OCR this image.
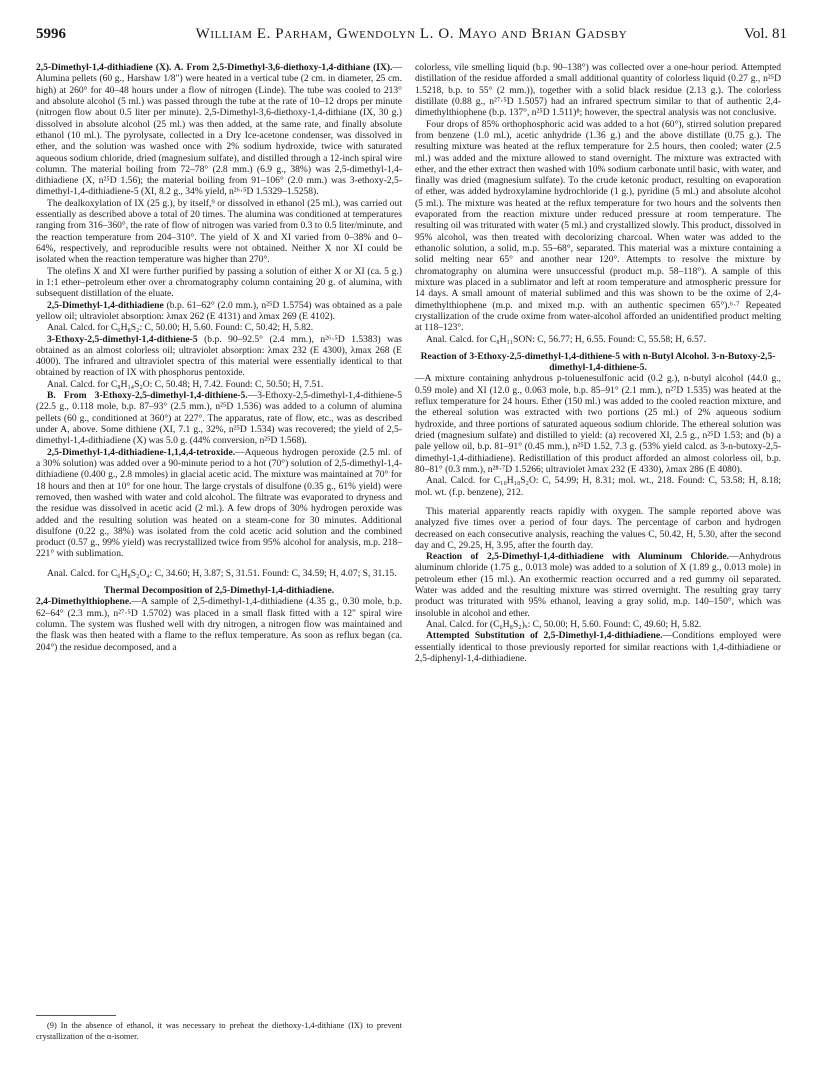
5996	William E. Parham, Gwendolyn L. O. Mayo and Brian Gadsby	Vol. 81

2,5-Dimethyl-1,4-dithiadiene (X). A. From 2,5-Dimethyl-3,6-diethoxy-1,4-dithiane (IX).—Alumina pellets (60 g., Harshaw 1/8") were heated in a vertical tube (2 cm. in diameter, 25 cm. high) at 260° for 40–48 hours under a flow of nitrogen (Linde). The tube was cooled to 213° and absolute alcohol (5 ml.) was passed through the tube at the rate of 10–12 drops per minute (nitrogen flow about 0.5 liter per minute). 2,5-Dimethyl-3,6-diethoxy-1,4-dithiane (IX, 30 g.) dissolved in absolute alcohol (25 ml.) was then added, at the same rate, and finally absolute ethanol (10 ml.). The pyrolysate, collected in a Dry Ice-acetone condenser, was dissolved in ether, and the solution was washed once with 2% sodium hydroxide, twice with saturated aqueous sodium chloride, dried (magnesium sulfate), and distilled through a 12-inch spiral wire column. The material boiling from 72–78° (2.8 mm.) (6.9 g., 38%) was 2,5-dimethyl-1,4-dithiadiene (X, n²⁵D 1.56); the material boiling from 91–106° (2.0 mm.) was 3-ethoxy-2,5-dimethyl-1,4-dithiadiene-5 (XI, 8.2 g., 34% yield, n²⁶·⁵D 1.5329–1.5258).

The dealkoxylation of IX (25 g.), by itself,⁹ or dissolved in ethanol (25 ml.), was carried out essentially as described above a total of 20 times. The alumina was conditioned at temperatures ranging from 316–360°, the rate of flow of nitrogen was varied from 0.3 to 0.5 liter/minute, and the reaction temperature from 204–310°. The yield of X and XI varied from 0–38% and 0–64%, respectively, and reproducible results were not obtained. Neither X nor XI could be isolated when the reaction temperature was higher than 270°.

The olefins X and XI were further purified by passing a solution of either X or XI (ca. 5 g.) in 1:1 ether–petroleum ether over a chromatography column containing 20 g. of alumina, with subsequent distillation of the eluate.

2,5-Dimethyl-1,4-dithiadiene (b.p. 61–62° (2.0 mm.), n²⁵D 1.5754) was obtained as a pale yellow oil; ultraviolet absorption: λmax 262 (E 4131) and λmax 269 (E 4102).

Anal. Calcd. for C₆H₈S₂: C, 50.00; H, 5.60. Found: C, 50.42; H, 5.82.

3-Ethoxy-2,5-dimethyl-1,4-dithiene-5 (b.p. 90–92.5° (2.4 mm.), n²⁶·⁵D 1.5383) was obtained as an almost colorless oil; ultraviolet absorption: λmax 232 (E 4300), λmax 268 (E 4000). The infrared and ultraviolet spectra of this material were essentially identical to that obtained by reaction of IX with phosphorus pentoxide.

Anal. Calcd. for C₈H₁₄S₂O: C, 50.48; H, 7.42. Found: C, 50.50; H, 7.51.

B. From 3-Ethoxy-2,5-dimethyl-1,4-dithiene-5.—3-Ethoxy-2,5-dimethyl-1,4-dithiene-5 (22.5 g., 0.118 mole, b.p. 87–93° (2.5 mm.), n²⁵D 1.536) was added to a column of alumina pellets (60 g., conditioned at 360°) at 227°. The apparatus, rate of flow, etc., was as described under A, above. Some dithiene (XI, 7.1 g., 32%, n²⁵D 1.534) was recovered; the yield of 2,5-dimethyl-1,4-dithiadiene (X) was 5.0 g. (44% conversion, n²⁵D 1.568).

2,5-Dimethyl-1,4-dithiadiene-1,1,4,4-tetroxide.—Aqueous hydrogen peroxide (2.5 ml. of a 30% solution) was added over a 90-minute period to a hot (70°) solution of 2,5-dimethyl-1,4-dithiadiene (0.400 g., 2.8 mmoles) in glacial acetic acid. The mixture was maintained at 70° for 18 hours and then at 10° for one hour. The large crystals of disulfone (0.35 g., 61% yield) were removed, then washed with water and cold alcohol. The filtrate was evaporated to dryness and the residue was dissolved in acetic acid (2 ml.). A few drops of 30% hydrogen peroxide was added and the resulting solution was heated on a steam-cone for 30 minutes. Additional disulfone (0.22 g., 38%) was isolated from the cold acetic acid solution and the combined product (0.57 g., 99% yield) was recrystallized twice from 95% alcohol for analysis, m.p. 218–221° with sublimation.

Anal. Calcd. for C₆H₈S₂O₄: C, 34.60; H, 3.87; S, 31.51. Found: C, 34.59; H, 4.07; S, 31.15.

Thermal Decomposition of 2,5-Dimethyl-1,4-dithiadiene.

2,4-Dimethylthiophene.—A sample of 2,5-dimethyl-1,4-dithiadiene (4.35 g., 0.30 mole, b.p. 62–64° (2.3 mm.), n²⁷·⁵D 1.5702) was placed in a small flask fitted with a 12" spiral wire column. The system was flushed well with dry nitrogen, a nitrogen flow was maintained and the flask was then heated with a flame to the reflux temperature. As soon as reflux began (ca. 204°) the residue decomposed, and a

colorless, vile smelling liquid (b.p. 90–138°) was collected over a one-hour period. Attempted distillation of the residue afforded a small additional quantity of colorless liquid (0.27 g., n²⁵D 1.5218, b.p. to 55° (2 mm.)), together with a solid black residue (2.13 g.). The colorless distillate (0.88 g., n²⁷·⁵D 1.5057) had an infrared spectrum similar to that of authentic 2,4-dimethylthiophene (b.p. 137°, n²⁵D 1.511)⁸; however, the spectral analysis was not conclusive.

Four drops of 85% orthophosphoric acid was added to a hot (60°), stirred solution prepared from benzene (1.0 ml.), acetic anhydride (1.36 g.) and the above distillate (0.75 g.). The resulting mixture was heated at the reflux temperature for 2.5 hours, then cooled; water (2.5 ml.) was added and the mixture allowed to stand overnight. The mixture was extracted with ether, and the ether extract then washed with 10% sodium carbonate until basic, with water, and finally was dried (magnesium sulfate). To the crude ketonic product, resulting on evaporation of ether, was added hydroxylamine hydrochloride (1 g.), pyridine (5 ml.) and absolute alcohol (5 ml.). The mixture was heated at the reflux temperature for two hours and the solvents then evaporated from the reaction mixture under reduced pressure at room temperature. The resulting oil was triturated with water (5 ml.) and crystallized slowly. This product, dissolved in 95% alcohol, was then treated with decolorizing charcoal. When water was added to the ethanolic solution, a solid, m.p. 55–68°, separated. This material was a mixture containing a solid melting near 65° and another near 120°. Attempts to resolve the mixture by chromatography on alumina were unsuccessful (product m.p. 58–118°). A sample of this mixture was placed in a sublimator and left at room temperature and atmospheric pressure for 14 days. A small amount of material sublimed and this was shown to be the oxime of 2,4-dimethylthiophene (m.p. and mixed m.p. with an authentic specimen 65°).⁶·⁷ Repeated crystallization of the crude oxime from water-alcohol afforded an unidentified product melting at 118–123°.

Anal. Calcd. for C₈H₁₁SON: C, 56.77; H, 6.55. Found: C, 55.58; H, 6.57.

Reaction of 3-Ethoxy-2,5-dimethyl-1,4-dithiene-5 with n-Butyl Alcohol. 3-n-Butoxy-2,5-dimethyl-1,4-dithiene-5.

—A mixture containing anhydrous p-toluenesulfonic acid (0.2 g.), n-butyl alcohol (44.0 g., 0.59 mole) and XI (12.0 g., 0.063 mole, b.p. 85–91° (2.1 mm.), n²⁷D 1.535) was heated at the reflux temperature for 24 hours. Ether (150 ml.) was added to the cooled reaction mixture, and the ethereal solution was extracted with two portions (25 ml.) of 2% aqueous sodium hydroxide, and three portions of saturated aqueous sodium chloride. The ethereal solution was dried (magnesium sulfate) and distilled to yield: (a) recovered XI, 2.5 g., n²⁵D 1.53; and (b) a pale yellow oil, b.p. 81–91° (0.45 mm.), n²⁵D 1.52, 7.3 g. (53% yield calcd. as 3-n-butoxy-2,5-dimethyl-1,4-dithiadiene). Redistillation of this product afforded an almost colorless oil, b.p. 80–81° (0.3 mm.), n²⁸·⁷D 1.5266; ultraviolet λmax 232 (E 4330), λmax 286 (E 4080).

Anal. Calcd. for C₁₀H₁₈S₂O: C, 54.99; H, 8.31; mol. wt., 218. Found: C, 53.58; H, 8.18; mol. wt. (f.p. benzene), 212.

This material apparently reacts rapidly with oxygen. The sample reported above was analyzed five times over a period of four days. The percentage of carbon and hydrogen decreased on each consecutive analysis, reaching the values C, 50.42, H, 5.30, after the second day and C, 29.25, H, 3.95, after the fourth day.

Reaction of 2,5-Dimethyl-1,4-dithiadiene with Aluminum Chloride.—Anhydrous aluminum chloride (1.75 g., 0.013 mole) was added to a solution of X (1.89 g., 0.013 mole) in petroleum ether (15 ml.). An exothermic reaction occurred and a red gummy oil separated. Water was added and the resulting mixture was stirred overnight. The resulting gray tarry product was triturated with 95% ethanol, leaving a gray solid, m.p. 140–150°, which was insoluble in alcohol and ether.

Anal. Calcd. for (C₆H₈S₂)ₓ: C, 50.00; H, 5.60. Found: C, 49.60; H, 5.82.

Attempted Substitution of 2,5-Dimethyl-1,4-dithiadiene.—Conditions employed were essentially identical to those previously reported for similar reactions with 1,4-dithiadiene or 2,5-diphenyl-1,4-dithiadiene.

(9) In the absence of ethanol, it was necessary to preheat the diethoxy-1,4-dithiane (IX) to prevent crystallization of the α-isomer.
